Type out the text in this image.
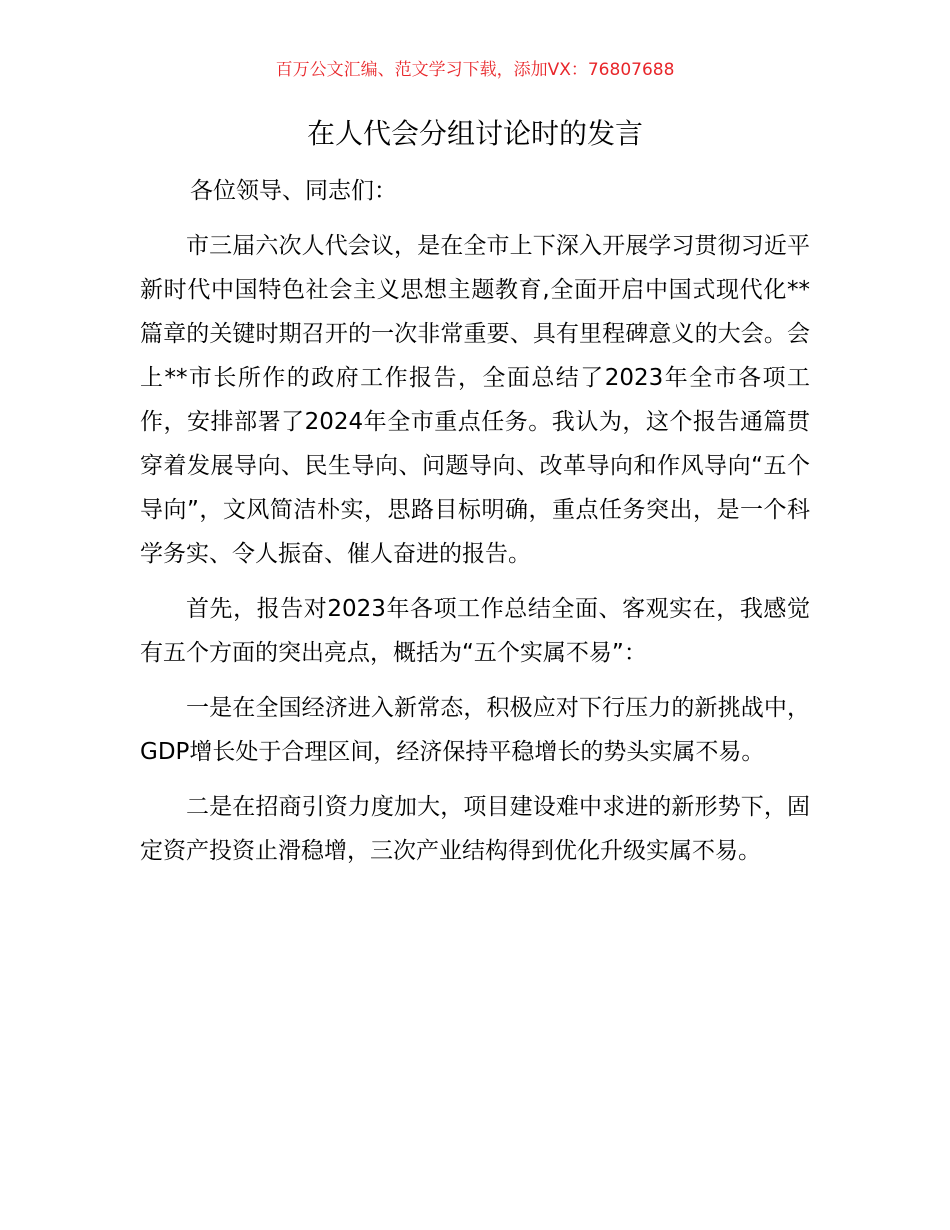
百万公文汇编、范文学习下载，添加VX：76807688
在人代会分组讨论时的发言

各位领导、同志们：

市三届六次人代会议，是在全市上下深入开展学习贯彻习近平新时代中国特色社会主义思想主题教育,全面开启中国式现代化**篇章的关键时期召开的一次非常重要、具有里程碑意义的大会。会上**市长所作的政府工作报告，全面总结了2023年全市各项工作，安排部署了2024年全市重点任务。我认为，这个报告通篇贯穿着发展导向、民生导向、问题导向、改革导向和作风导向“五个导向”，文风简洁朴实，思路目标明确，重点任务突出，是一个科学务实、令人振奋、催人奋进的报告。

首先，报告对2023年各项工作总结全面、客观实在，我感觉有五个方面的突出亮点，概括为“五个实属不易”：

一是在全国经济进入新常态，积极应对下行压力的新挑战中，GDP增长处于合理区间，经济保持平稳增长的势头实属不易。

二是在招商引资力度加大，项目建设难中求进的新形势下，固定资产投资止滑稳增，三次产业结构得到优化升级实属不易。
